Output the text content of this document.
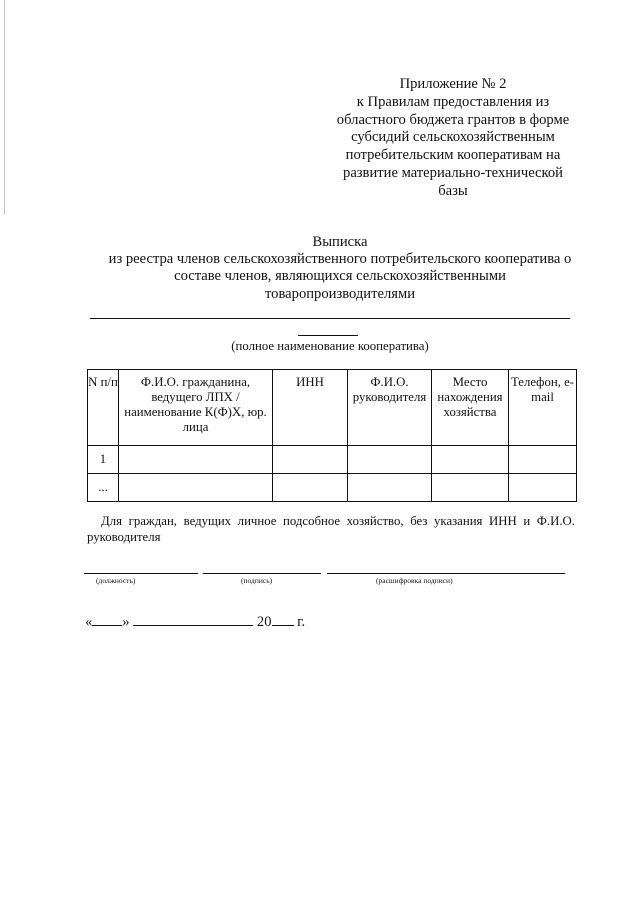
Приложение № 2
к Правилам предоставления из
областного бюджета грантов в форме
субсидий сельскохозяйственным
потребительским кооперативам на
развитие материально-технической
базы
Выписка
из реестра членов сельскохозяйственного потребительского кооператива о
составе членов, являющихся сельскохозяйственными
товаропроизводителями
(полное наименование кооператива)
N п/п	Ф.И.О. гражданина, ведущего ЛПХ / наименование К(Ф)Х, юр. лица	ИНН	Ф.И.О. руководителя	Место нахождения хозяйства	Телефон, e-mail
1					
...					
Для граждан, ведущих личное подсобное хозяйство, без указания ИНН и Ф.И.О. руководителя
(должность)	(подпись)	(расшифровка подписи)
« »	20 г.
